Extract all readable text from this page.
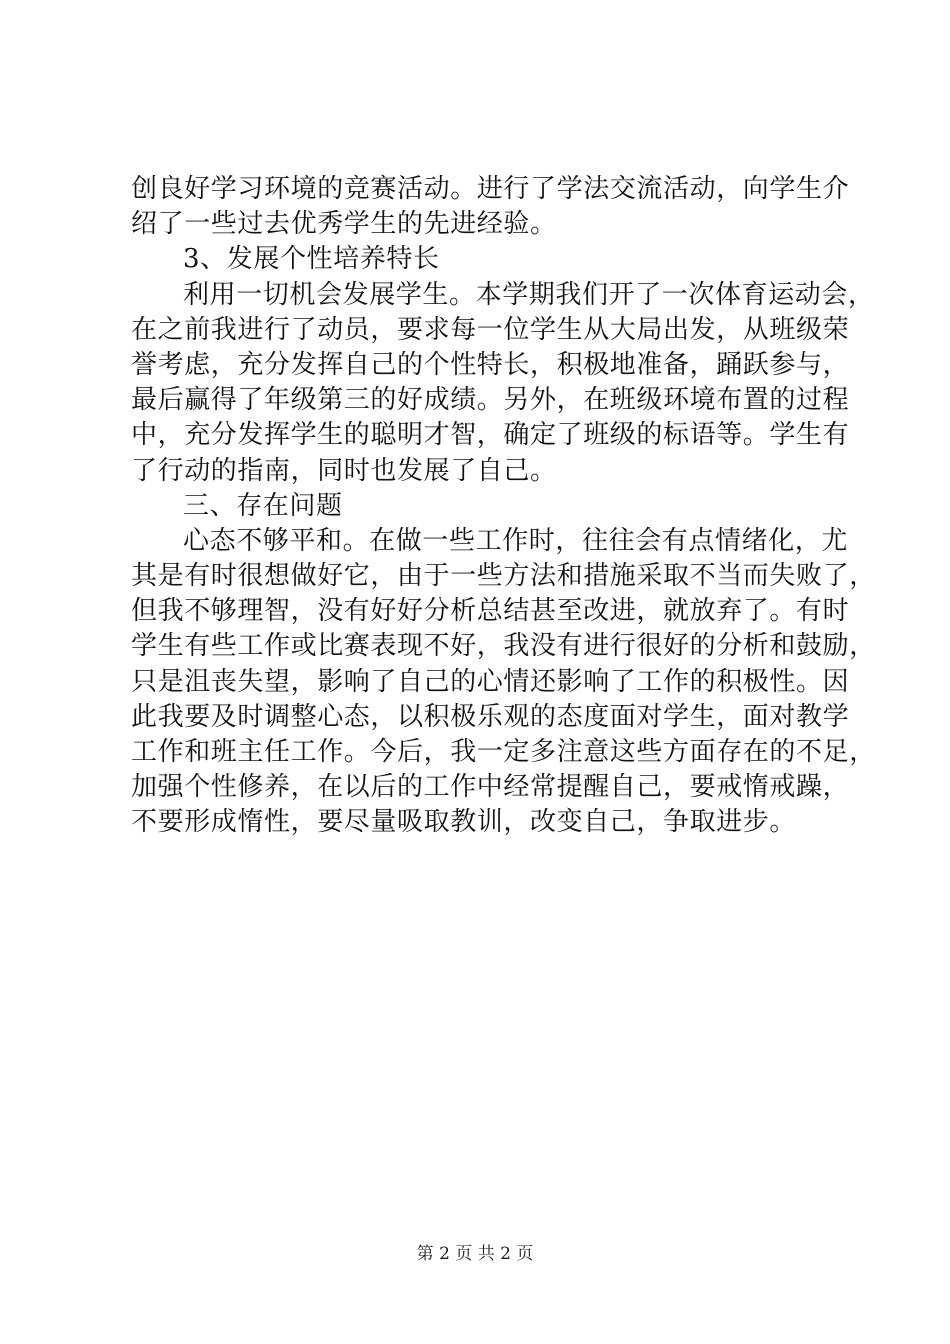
创良好学习环境的竞赛活动。进行了学法交流活动，向学生介
绍了一些过去优秀学生的先进经验。
3、发展个性培养特长
利用一切机会发展学生。本学期我们开了一次体育运动会，
在之前我进行了动员，要求每一位学生从大局出发，从班级荣
誉考虑，充分发挥自己的个性特长，积极地准备，踊跃参与，
最后赢得了年级第三的好成绩。另外，在班级环境布置的过程
中，充分发挥学生的聪明才智，确定了班级的标语等。学生有
了行动的指南，同时也发展了自己。
三、存在问题
心态不够平和。在做一些工作时，往往会有点情绪化，尤
其是有时很想做好它，由于一些方法和措施采取不当而失败了，
但我不够理智，没有好好分析总结甚至改进，就放弃了。有时
学生有些工作或比赛表现不好，我没有进行很好的分析和鼓励，
只是沮丧失望，影响了自己的心情还影响了工作的积极性。因
此我要及时调整心态，以积极乐观的态度面对学生，面对教学
工作和班主任工作。今后，我一定多注意这些方面存在的不足，
加强个性修养，在以后的工作中经常提醒自己，要戒惰戒躁，
不要形成惰性，要尽量吸取教训，改变自己，争取进步。
第 2 页 共 2 页
